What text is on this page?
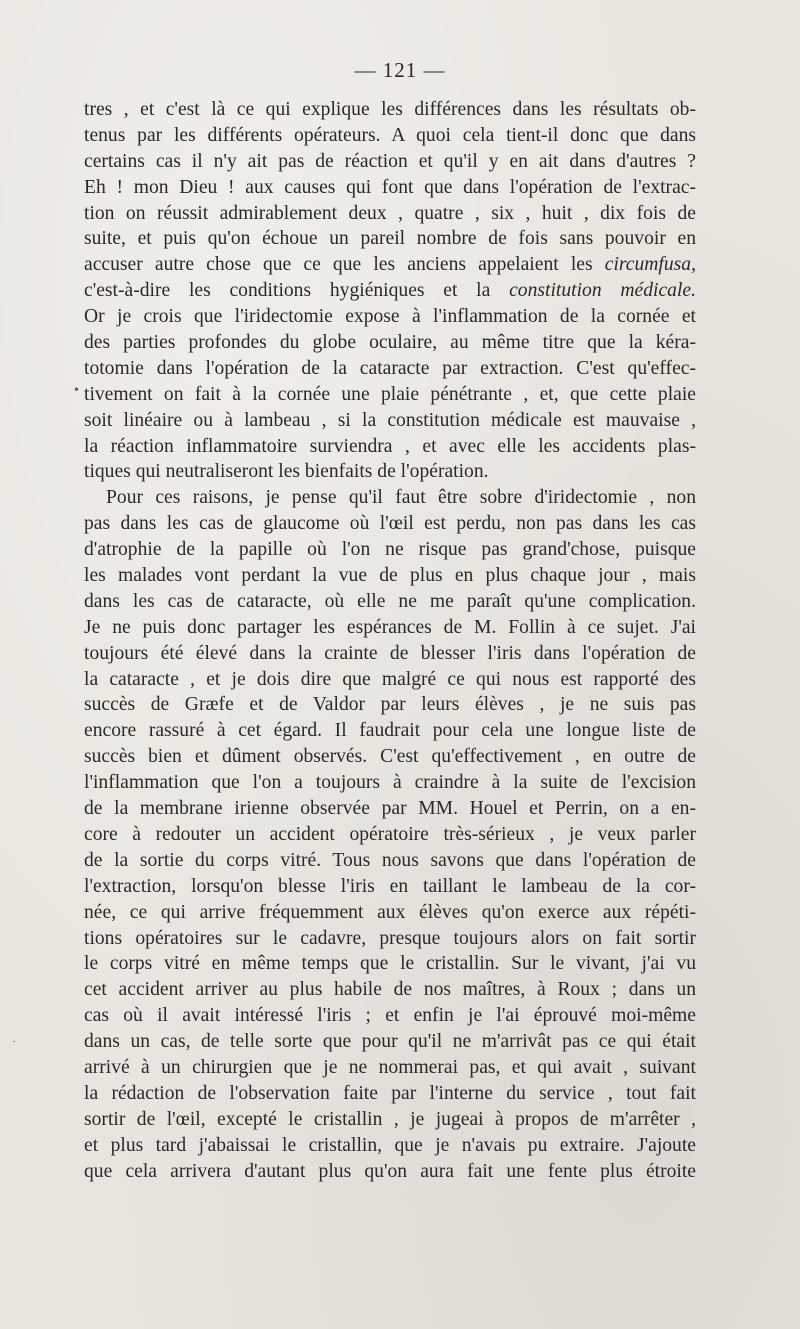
— 121 —
tres , et c'est là ce qui explique les différences dans les résultats ob-
tenus par les différents opérateurs. A quoi cela tient-il donc que dans
certains cas il n'y ait pas de réaction et qu'il y en ait dans d'autres ?
Eh ! mon Dieu ! aux causes qui font que dans l'opération de l'extrac-
tion on réussit admirablement deux , quatre , six , huit , dix fois de
suite, et puis qu'on échoue un pareil nombre de fois sans pouvoir en
accuser autre chose que ce que les anciens appelaient les circumfusa,
c'est-à-dire les conditions hygiéniques et la constitution médicale.
Or je crois que l'iridectomie expose à l'inflammation de la cornée et
des parties profondes du globe oculaire, au même titre que la kéra-
totomie dans l'opération de la cataracte par extraction. C'est qu'effec-
tivement on fait à la cornée une plaie pénétrante , et, que cette plaie
soit linéaire ou à lambeau , si la constitution médicale est mauvaise ,
la réaction inflammatoire surviendra , et avec elle les accidents plas-
tiques qui neutraliseront les bienfaits de l'opération.
Pour ces raisons, je pense qu'il faut être sobre d'iridectomie , non
pas dans les cas de glaucome où l'œil est perdu, non pas dans les cas
d'atrophie de la papille où l'on ne risque pas grand'chose, puisque
les malades vont perdant la vue de plus en plus chaque jour , mais
dans les cas de cataracte, où elle ne me paraît qu'une complication.
Je ne puis donc partager les espérances de M. Follin à ce sujet. J'ai
toujours été élevé dans la crainte de blesser l'iris dans l'opération de
la cataracte , et je dois dire que malgré ce qui nous est rapporté des
succès de Græfe et de Valdor par leurs élèves , je ne suis pas
encore rassuré à cet égard. Il faudrait pour cela une longue liste de
succès bien et dûment observés. C'est qu'effectivement , en outre de
l'inflammation que l'on a toujours à craindre à la suite de l'excision
de la membrane irienne observée par MM. Houel et Perrin, on a en-
core à redouter un accident opératoire très-sérieux , je veux parler
de la sortie du corps vitré. Tous nous savons que dans l'opération de
l'extraction, lorsqu'on blesse l'iris en taillant le lambeau de la cor-
née, ce qui arrive fréquemment aux élèves qu'on exerce aux répéti-
tions opératoires sur le cadavre, presque toujours alors on fait sortir
le corps vitré en même temps que le cristallin. Sur le vivant, j'ai vu
cet accident arriver au plus habile de nos maîtres, à Roux ; dans un
cas où il avait intéressé l'iris ; et enfin je l'ai éprouvé moi-même
dans un cas, de telle sorte que pour qu'il ne m'arrivât pas ce qui était
arrivé à un chirurgien que je ne nommerai pas, et qui avait , suivant
la rédaction de l'observation faite par l'interne du service , tout fait
sortir de l'œil, excepté le cristallin , je jugeai à propos de m'arrêter ,
et plus tard j'abaissai le cristallin, que je n'avais pu extraire. J'ajoute
que cela arrivera d'autant plus qu'on aura fait une fente plus étroite
•
·
